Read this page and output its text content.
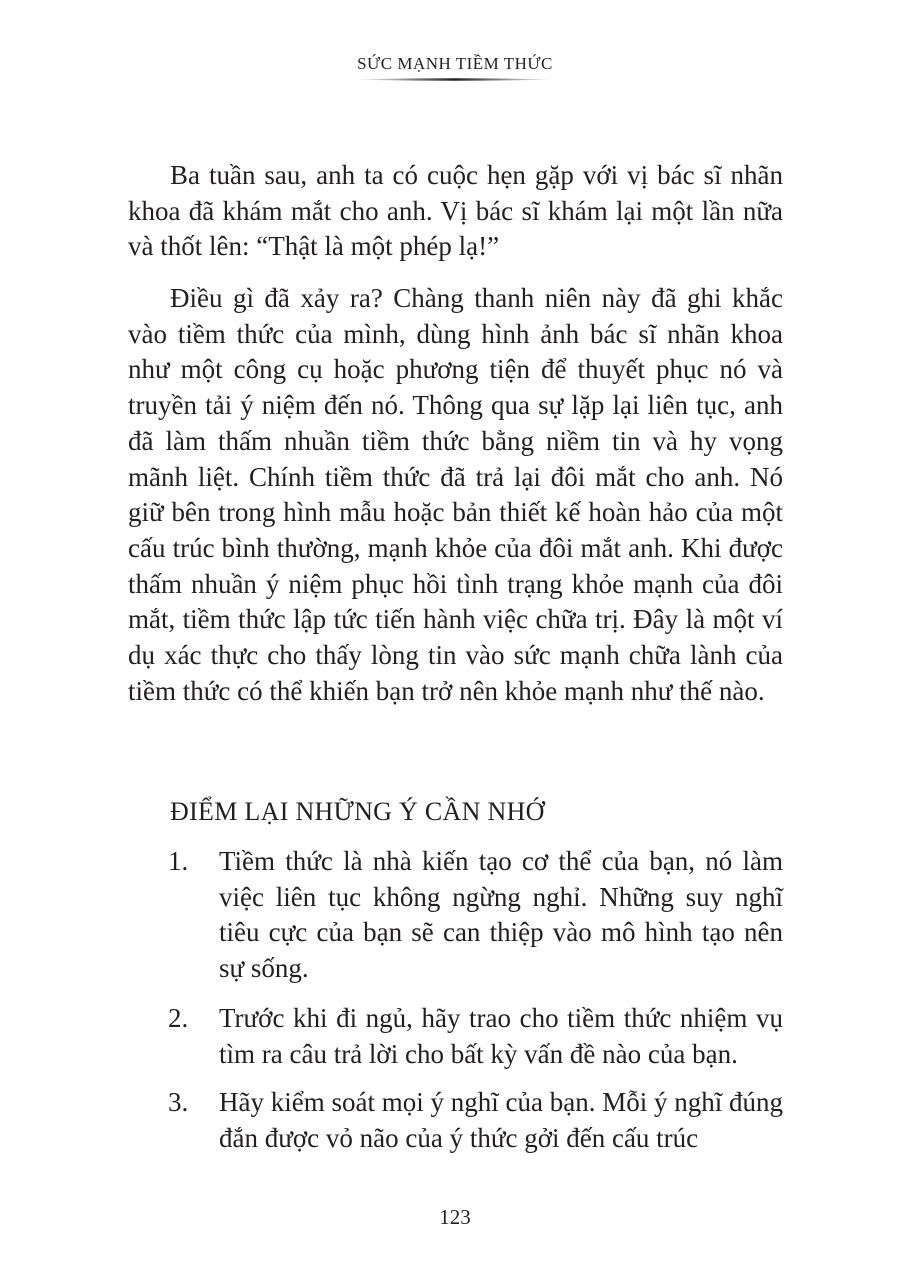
SỨC MẠNH TIỀM THỨC

Ba tuần sau, anh ta có cuộc hẹn gặp với vị bác sĩ nhãn khoa đã khám mắt cho anh. Vị bác sĩ khám lại một lần nữa và thốt lên: “Thật là một phép lạ!”

Điều gì đã xảy ra? Chàng thanh niên này đã ghi khắc vào tiềm thức của mình, dùng hình ảnh bác sĩ nhãn khoa như một công cụ hoặc phương tiện để thuyết phục nó và truyền tải ý niệm đến nó. Thông qua sự lặp lại liên tục, anh đã làm thấm nhuần tiềm thức bằng niềm tin và hy vọng mãnh liệt. Chính tiềm thức đã trả lại đôi mắt cho anh. Nó giữ bên trong hình mẫu hoặc bản thiết kế hoàn hảo của một cấu trúc bình thường, mạnh khỏe của đôi mắt anh. Khi được thấm nhuần ý niệm phục hồi tình trạng khỏe mạnh của đôi mắt, tiềm thức lập tức tiến hành việc chữa trị. Đây là một ví dụ xác thực cho thấy lòng tin vào sức mạnh chữa lành của tiềm thức có thể khiến bạn trở nên khỏe mạnh như thế nào.

ĐIỂM LẠI NHỮNG Ý CẦN NHỚ
1.	Tiềm thức là nhà kiến tạo cơ thể của bạn, nó làm việc liên tục không ngừng nghỉ. Những suy nghĩ tiêu cực của bạn sẽ can thiệp vào mô hình tạo nên sự sống.
2.	Trước khi đi ngủ, hãy trao cho tiềm thức nhiệm vụ tìm ra câu trả lời cho bất kỳ vấn đề nào của bạn.
3.	Hãy kiểm soát mọi ý nghĩ của bạn. Mỗi ý nghĩ đúng đắn được vỏ não của ý thức gởi đến cấu trúc
123
